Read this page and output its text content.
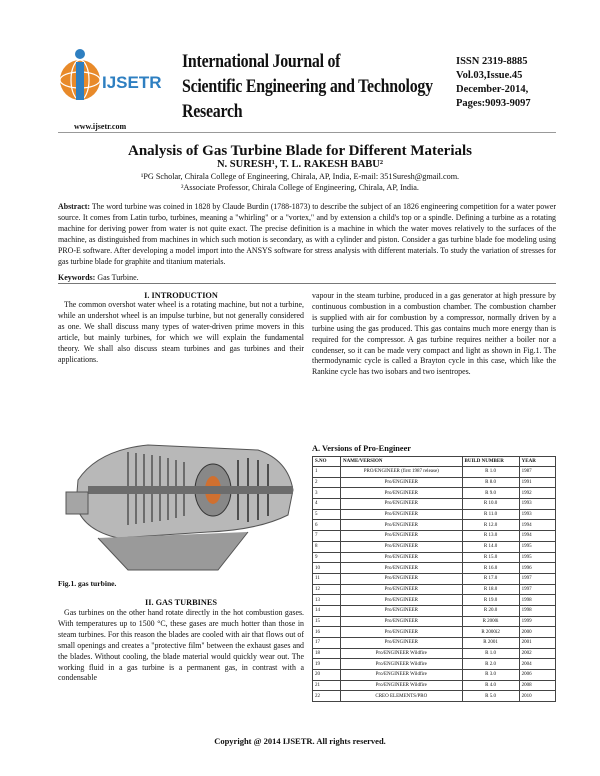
IJSETR
International Journal of
Scientific Engineering and Technology Research
ISSN 2319-8885
Vol.03,Issue.45
December-2014,
Pages:9093-9097
www.ijsetr.com
Analysis of Gas Turbine Blade for Different Materials
N. SURESH¹, T. L. RAKESH BABU²
¹PG Scholar, Chirala College of Engineering, Chirala, AP, India, E-mail: 351Suresh@gmail.com.
²Associate Professor, Chirala College of Engineering, Chirala, AP, India.
Abstract: The word turbine was coined in 1828 by Claude Burdin (1788-1873) to describe the subject of an 1826 engineering competition for a water power source. It comes from Latin turbo, turbines, meaning a "whirling" or a "vortex," and by extension a child's top or a spindle. Defining a turbine as a rotating machine for deriving power from water is not quite exact. The precise definition is a machine in which the water moves relatively to the surfaces of the machine, as distinguished from machines in which such motion is secondary, as with a cylinder and piston. Consider a gas turbine blade foe modeling using PRO-E software. After developing a model import into the ANSYS software for stress analysis with different materials. To study the variation of stresses for gas turbine blade for graphite and titanium materials.
Keywords: Gas Turbine.
I. INTRODUCTION
The common overshot water wheel is a rotating machine, but not a turbine, while an undershot wheel is an impulse turbine, but not generally considered as one. We shall discuss many types of water-driven prime movers in this article, but mainly turbines, for which we will explain the fundamental theory. We shall also discuss steam turbines and gas turbines and their applications.
Fig.1. gas turbine.
II. GAS TURBINES
Gas turbines on the other hand rotate directly in the hot combustion gases. With temperatures up to 1500 °C, these gases are much hotter than those in steam turbines. For this reason the blades are cooled with air that flows out of small openings and creates a "protective film" between the exhaust gases and the blades. Without cooling, the blade material would quickly wear out. The working fluid in a gas turbine is a permanent gas, in contrast with a condensable
vapour in the steam turbine, produced in a gas generator at high pressure by continuous combustion in a combustion chamber. The combustion chamber is supplied with air for combustion by a compressor, normally driven by a turbine using the gas produced. This gas contains much more energy than is required for the compressor. A gas turbine requires neither a boiler nor a condenser, so it can be made very compact and light as shown in Fig.1. The thermodynamic cycle is called a Brayton cycle in this case, which like the Rankine cycle has two isobars and two isentropes.
A. Versions of Pro-Engineer
S.NO	NAME/VERSION	BUILD NUMBER	YEAR
1	PRO/ENGINEER (first 1987 release)	R 1.0	1987
2	Pro/ENGINEER	R 8.0	1991
3	Pro/ENGINEER	R 9.0	1992
4	Pro/ENGINEER	R 10.0	1993
5	Pro/ENGINEER	R 11.0	1993
6	Pro/ENGINEER	R 12.0	1994
7	Pro/ENGINEER	R 13.0	1994
8	Pro/ENGINEER	R 14.0	1995
9	Pro/ENGINEER	R 15.0	1995
10	Pro/ENGINEER	R 16.0	1996
11	Pro/ENGINEER	R 17.0	1997
12	Pro/ENGINEER	R 18.0	1997
13	Pro/ENGINEER	R 19.0	1998
14	Pro/ENGINEER	R 20.0	1998
15	Pro/ENGINEER	R 2000i	1999
16	Pro/ENGINEER	R 2000i2	2000
17	Pro/ENGINEER	R 2001	2001
18	Pro/ENGINEER Wildfire	R 1.0	2002
19	Pro/ENGINEER Wildfire	R 2.0	2004
20	Pro/ENGINEER Wildfire	R 3.0	2006
21	Pro/ENGINEER Wildfire	R 4.0	2008
22	CREO ELEMENTS/PRO	R 5.0	2010
Copyright @ 2014 IJSETR. All rights reserved.
